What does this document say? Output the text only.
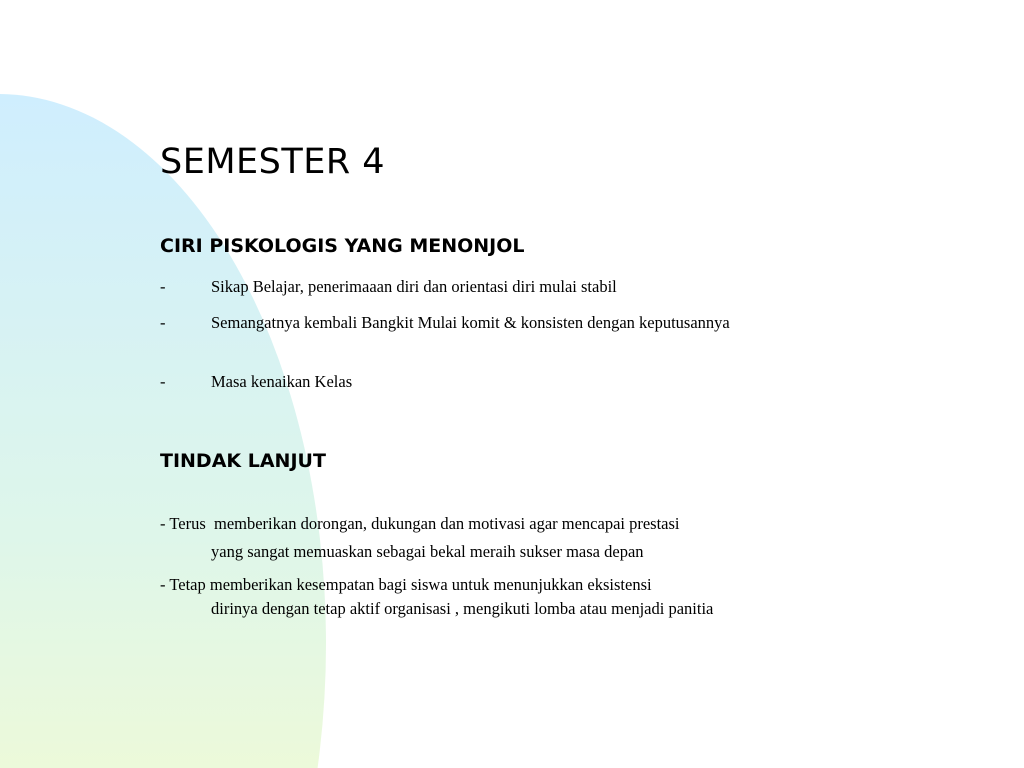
SEMESTER 4
CIRI PISKOLOGIS YANG MENONJOL
-	Sikap Belajar, penerimaaan diri dan orientasi diri mulai stabil
-	Semangatnya kembali Bangkit Mulai komit & konsisten dengan keputusannya
-	Masa kenaikan Kelas
TINDAK LANJUT
- Terus  memberikan dorongan, dukungan dan motivasi agar mencapai prestasi
yang sangat memuaskan sebagai bekal meraih sukser masa depan
- Tetap memberikan kesempatan bagi siswa untuk menunjukkan eksistensi
dirinya dengan tetap aktif organisasi , mengikuti lomba atau menjadi panitia
